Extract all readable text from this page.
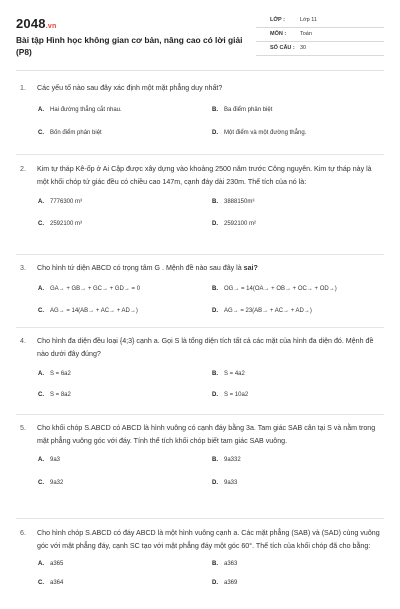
2048.vn
Bài tập Hình học không gian cơ bản, nâng cao có lời giải (P8)
LỚP :	Lớp 11
MÔN :	Toán
SỐ CÂU : 30
1. Các yếu tố nào sau đây xác định một mặt phẳng duy nhất?
A. Hai đường thẳng cắt nhau.	B. Ba điểm phân biệt
C. Bốn điểm phân biệt	D. Một điểm và một đường thẳng.
2. Kim tự tháp Kê-ốp ở Ai Cập được xây dựng vào khoảng 2500 năm trước Công nguyên. Kim tự tháp này là một khối chóp tứ giác đều có chiều cao 147m, cạnh đáy dài 230m. Thể tích của nó là:
A. 7776300 m³	B. 3888150m³
C. 2592100 m³	D. 2592100 m²
3. Cho hình tứ diện ABCD có trọng tâm G . Mệnh đề nào sau đây là sai?
A. GA→ + GB→ + GC→ + GD→ = 0	B. OG→ = 14(OA→ + OB→ + OC→ + OD→)
C. AG→ = 14(AB→ + AC→ + AD→)	D. AG→ = 23(AB→ + AC→ + AD→)
4. Cho hình đa diện đều loại {4;3} cạnh a. Gọi S là tổng diện tích tất cả các mặt của hình đa diện đó. Mệnh đề nào dưới đây đúng?
A. S = 6a2	B. S = 4a2
C. S = 8a2	D. S = 10a2
5. Cho khối chóp S.ABCD có ABCD là hình vuông có cạnh đáy bằng 3a. Tam giác SAB cân tại S và nằm trong mặt phẳng vuông góc với đáy. Tính thể tích khối chóp biết tam giác SAB vuông.
A. 9a3	B. 9a332
C. 9a32	D. 9a33
6. Cho hình chóp S.ABCD có đáy ABCD là một hình vuông cạnh a. Các mặt phẳng (SAB) và (SAD) cùng vuông góc với mặt phẳng đáy, cạnh SC tạo với mặt phẳng đáy một góc 60°. Thể tích của khối chóp đã cho bằng:
A. a365	B. a363
C. a364	D. a369
